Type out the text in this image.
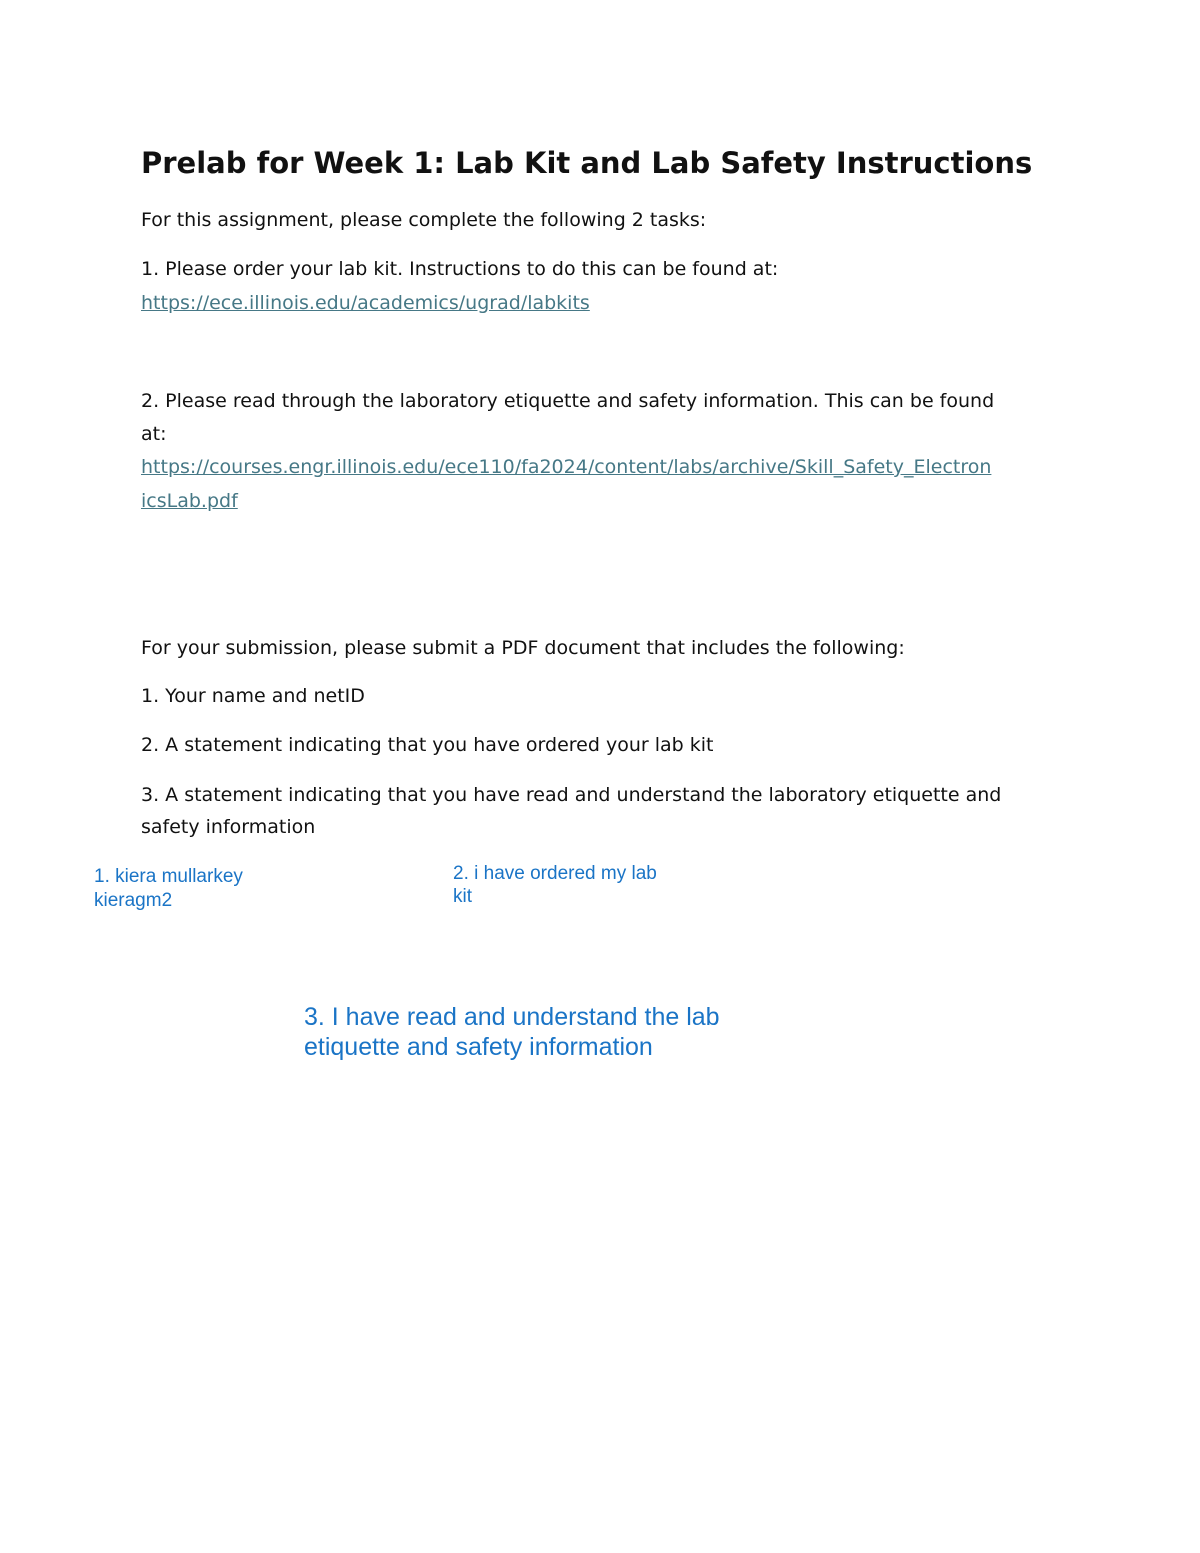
Prelab for Week 1: Lab Kit and Lab Safety Instructions

For this assignment, please complete the following 2 tasks:

1. Please order your lab kit. Instructions to do this can be found at:

https://ece.illinois.edu/academics/ugrad/labkits

2. Please read through the laboratory etiquette and safety information. This can be found

at:

https://courses.engr.illinois.edu/ece110/fa2024/content/labs/archive/Skill_Safety_Electron
icsLab.pdf

For your submission, please submit a PDF document that includes the following:

1. Your name and netID

2. A statement indicating that you have ordered your lab kit

3. A statement indicating that you have read and understand the laboratory etiquette and

safety information

1. kiera mullarkey

kieragm2

2. i have ordered my lab

kit

3. I have read and understand the lab

etiquette and safety information
